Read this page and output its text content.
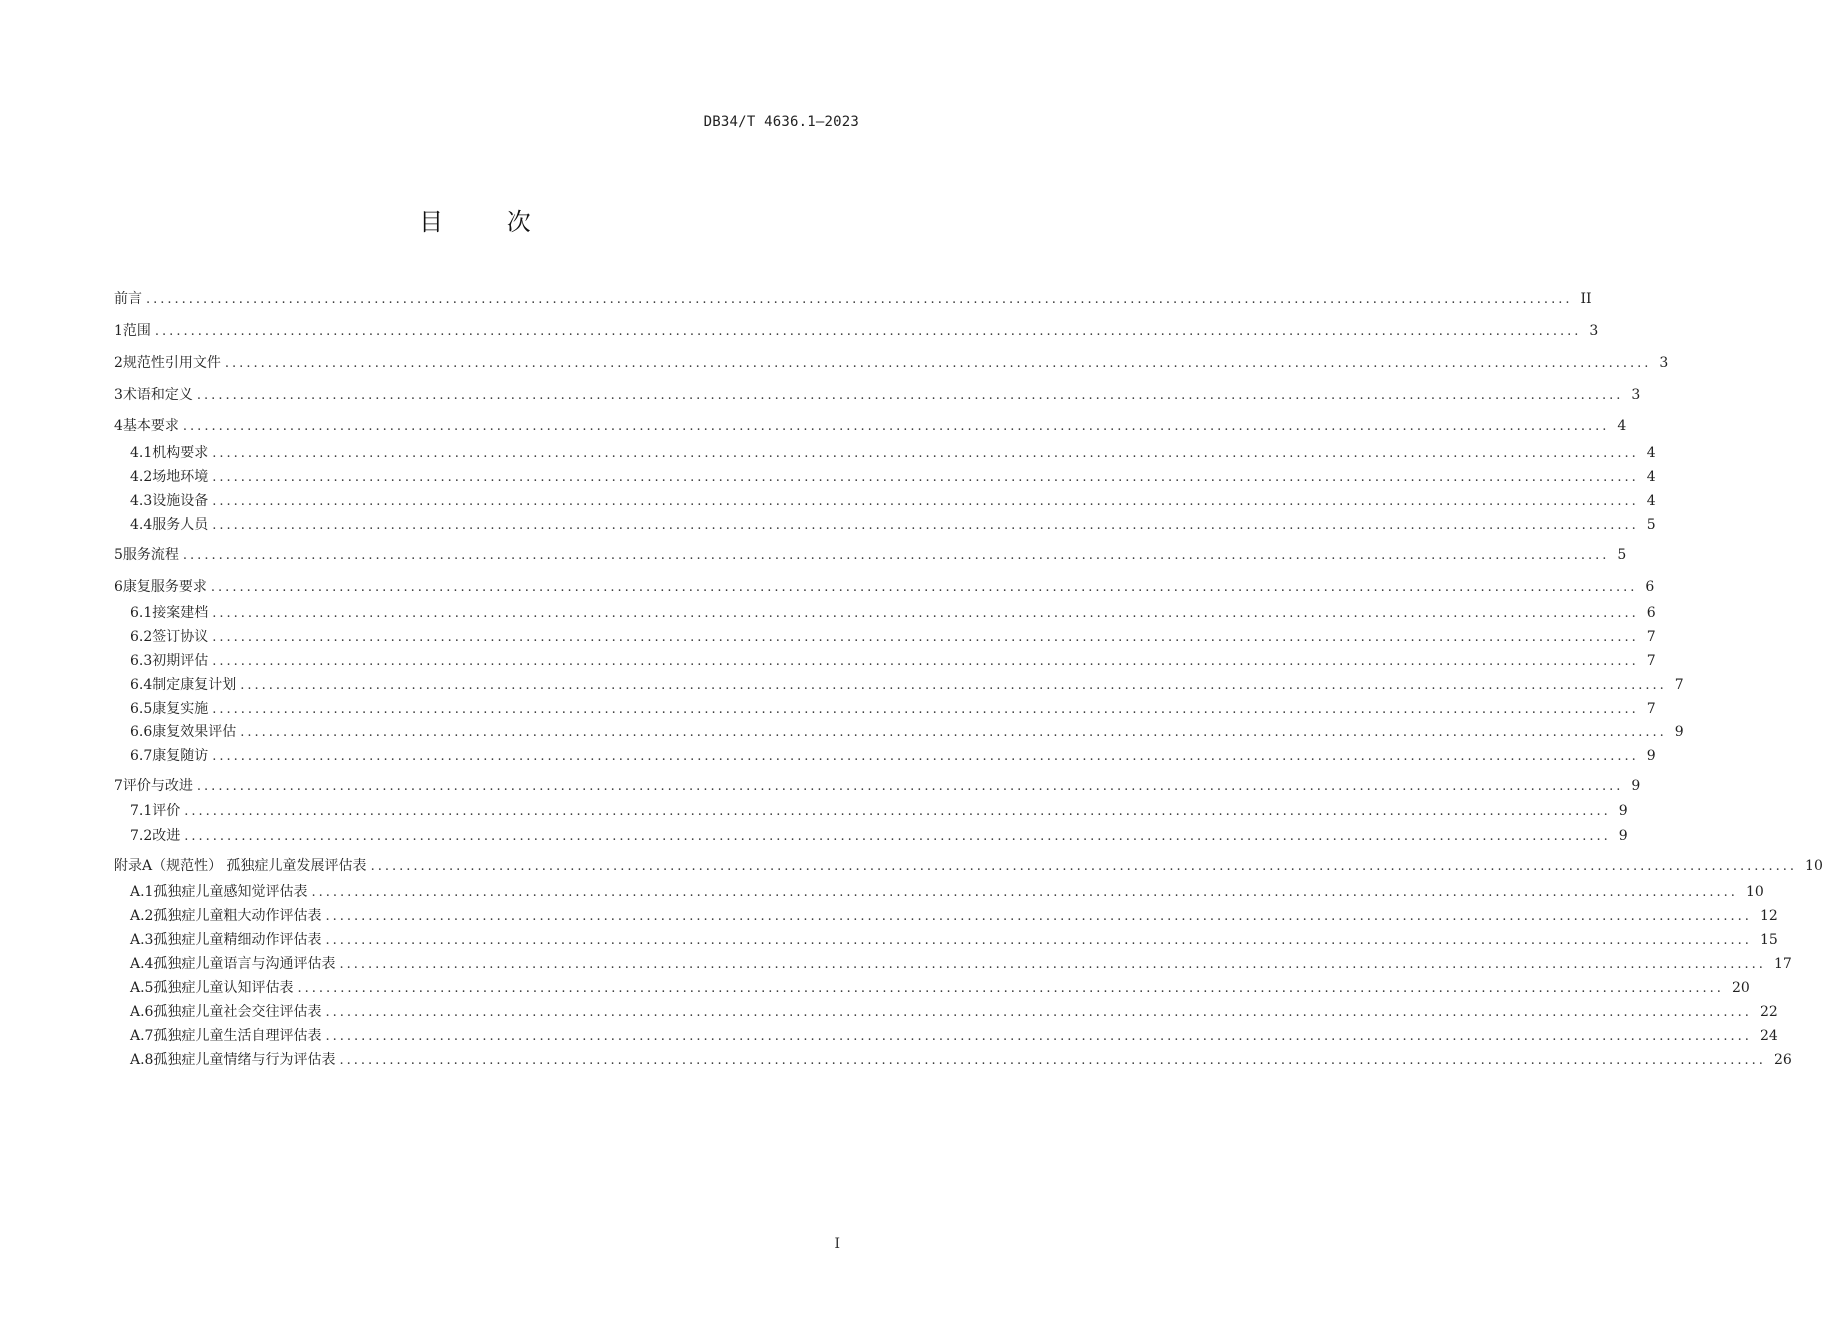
DB34/T 4636.1—2023
目 次
前言 ........................................................................................................................................................................................................ II
1 范围 ........................................................................................................................................................................................................ 3
2 规范性引用文件 ........................................................................................................................................................................................................ 3
3 术语和定义 ........................................................................................................................................................................................................ 3
4 基本要求 ........................................................................................................................................................................................................ 4
4.1 机构要求 ........................................................................................................................................................................................................ 4
4.2 场地环境 ........................................................................................................................................................................................................ 4
4.3 设施设备 ........................................................................................................................................................................................................ 4
4.4 服务人员 ........................................................................................................................................................................................................ 5
5 服务流程 ........................................................................................................................................................................................................ 5
6 康复服务要求 ........................................................................................................................................................................................................ 6
6.1 接案建档 ........................................................................................................................................................................................................ 6
6.2 签订协议 ........................................................................................................................................................................................................ 7
6.3 初期评估 ........................................................................................................................................................................................................ 7
6.4 制定康复计划 ........................................................................................................................................................................................................ 7
6.5 康复实施 ........................................................................................................................................................................................................ 7
6.6 康复效果评估 ........................................................................................................................................................................................................ 9
6.7 康复随访 ........................................................................................................................................................................................................ 9
7 评价与改进 ........................................................................................................................................................................................................ 9
7.1 评价 ........................................................................................................................................................................................................ 9
7.2 改进 ........................................................................................................................................................................................................ 9
附录A（规范性） 孤独症儿童发展评估表 ........................................................................................................................................................................................................ 10
A.1 孤独症儿童感知觉评估表 ........................................................................................................................................................................................................ 10
A.2 孤独症儿童粗大动作评估表 ........................................................................................................................................................................................................ 12
A.3 孤独症儿童精细动作评估表 ........................................................................................................................................................................................................ 15
A.4 孤独症儿童语言与沟通评估表 ........................................................................................................................................................................................................ 17
A.5 孤独症儿童认知评估表 ........................................................................................................................................................................................................ 20
A.6 孤独症儿童社会交往评估表 ........................................................................................................................................................................................................ 22
A.7 孤独症儿童生活自理评估表 ........................................................................................................................................................................................................ 24
A.8 孤独症儿童情绪与行为评估表 ........................................................................................................................................................................................................ 26
I
